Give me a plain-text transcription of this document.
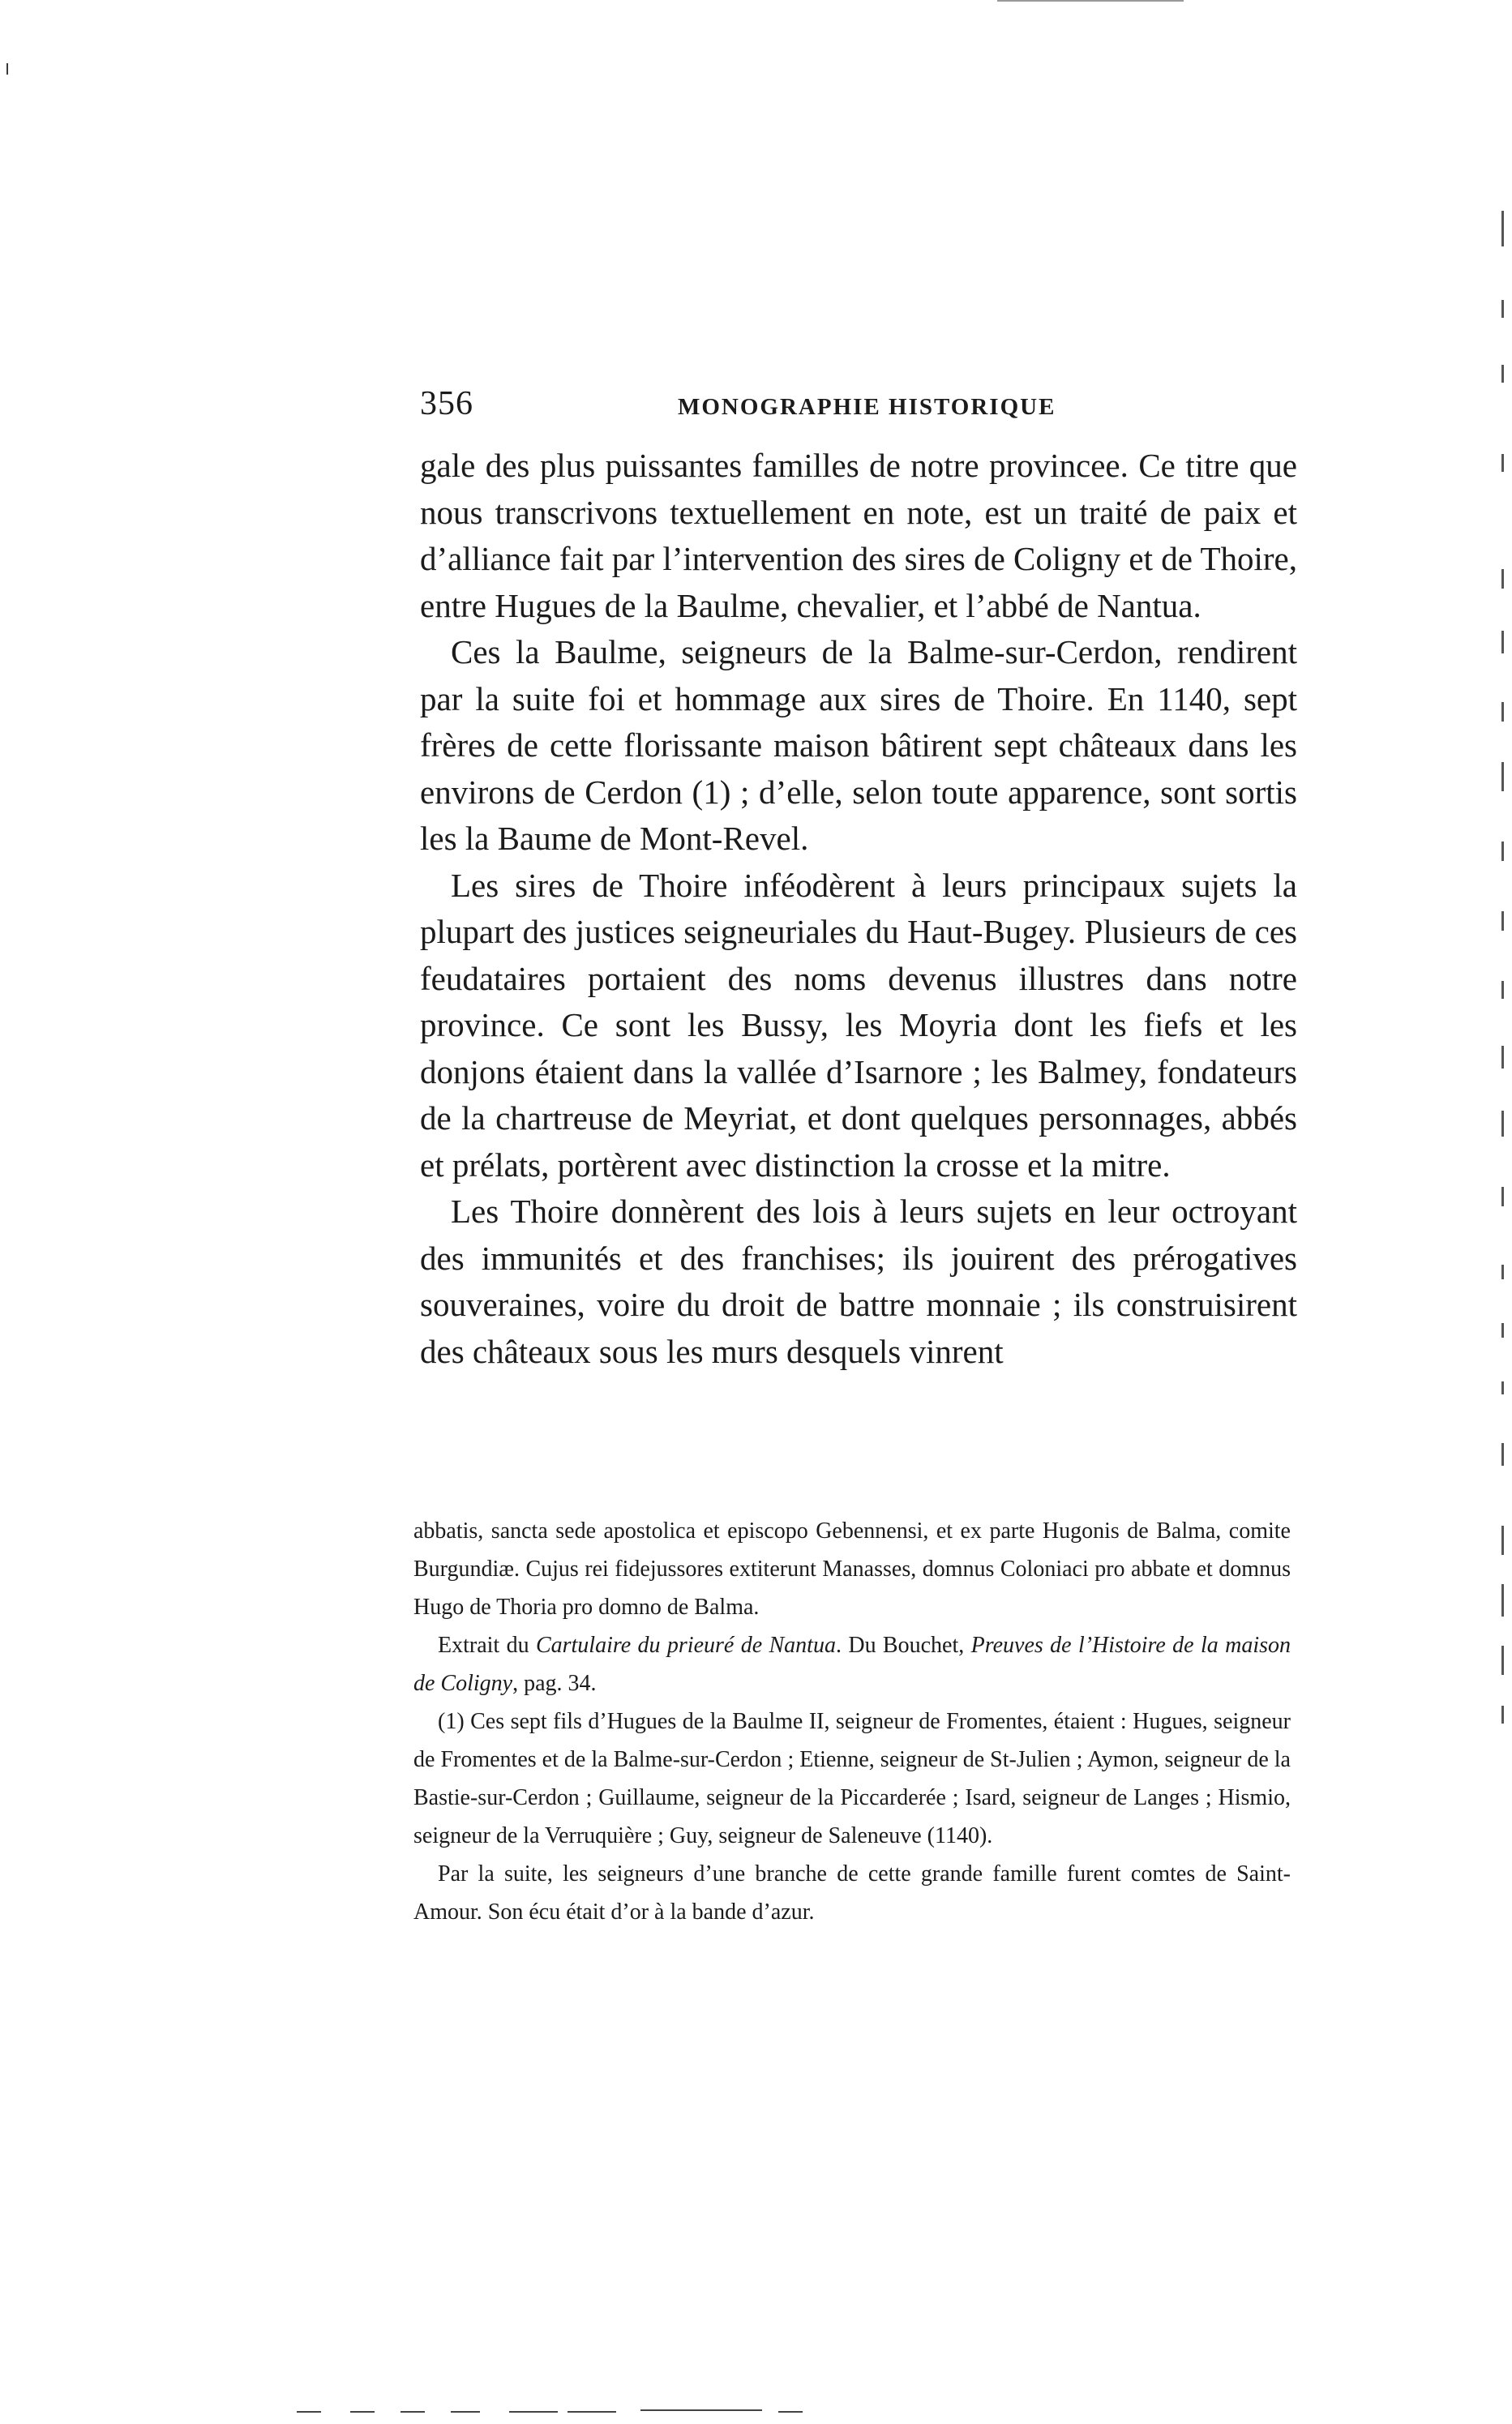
356	MONOGRAPHIE HISTORIQUE

gale des plus puissantes familles de notre provincee. Ce titre que nous transcrivons textuellement en note, est un traité de paix et d’alliance fait par l’intervention des sires de Coligny et de Thoire, entre Hugues de la Baulme, chevalier, et l’abbé de Nantua.

Ces la Baulme, seigneurs de la Balme-sur-Cerdon, rendirent par la suite foi et hommage aux sires de Thoire. En 1140, sept frères de cette florissante maison bâtirent sept châteaux dans les environs de Cerdon (1) ; d’elle, selon toute apparence, sont sortis les la Baume de Mont-Revel.

Les sires de Thoire inféodèrent à leurs principaux sujets la plupart des justices seigneuriales du Haut-Bugey. Plusieurs de ces feudataires portaient des noms devenus illustres dans notre province. Ce sont les Bussy, les Moyria dont les fiefs et les donjons étaient dans la vallée d’Isarnore ; les Balmey, fondateurs de la chartreuse de Meyriat, et dont quelques personnages, abbés et prélats, portèrent avec distinction la crosse et la mitre.

Les Thoire donnèrent des lois à leurs sujets en leur octroyant des immunités et des franchises; ils jouirent des prérogatives souveraines, voire du droit de battre monnaie ; ils construisirent des châteaux sous les murs desquels vinrent

abbatis, sancta sede apostolica et episcopo Gebennensi, et ex parte Hugonis de Balma, comite Burgundiæ. Cujus rei fidejussores extiterunt Manasses, domnus Coloniaci pro abbate et domnus Hugo de Thoria pro domno de Balma.

Extrait du Cartulaire du prieuré de Nantua. Du Bouchet, Preuves de l’Histoire de la maison de Coligny, pag. 34.

(1) Ces sept fils d’Hugues de la Baulme II, seigneur de Fromentes, étaient : Hugues, seigneur de Fromentes et de la Balme-sur-Cerdon ; Etienne, seigneur de St-Julien ; Aymon, seigneur de la Bastie-sur-Cerdon ; Guillaume, seigneur de la Piccarderée ; Isard, seigneur de Langes ; Hismio, seigneur de la Verruquière ; Guy, seigneur de Saleneuve (1140).

Par la suite, les seigneurs d’une branche de cette grande famille furent comtes de Saint-Amour. Son écu était d’or à la bande d’azur.
